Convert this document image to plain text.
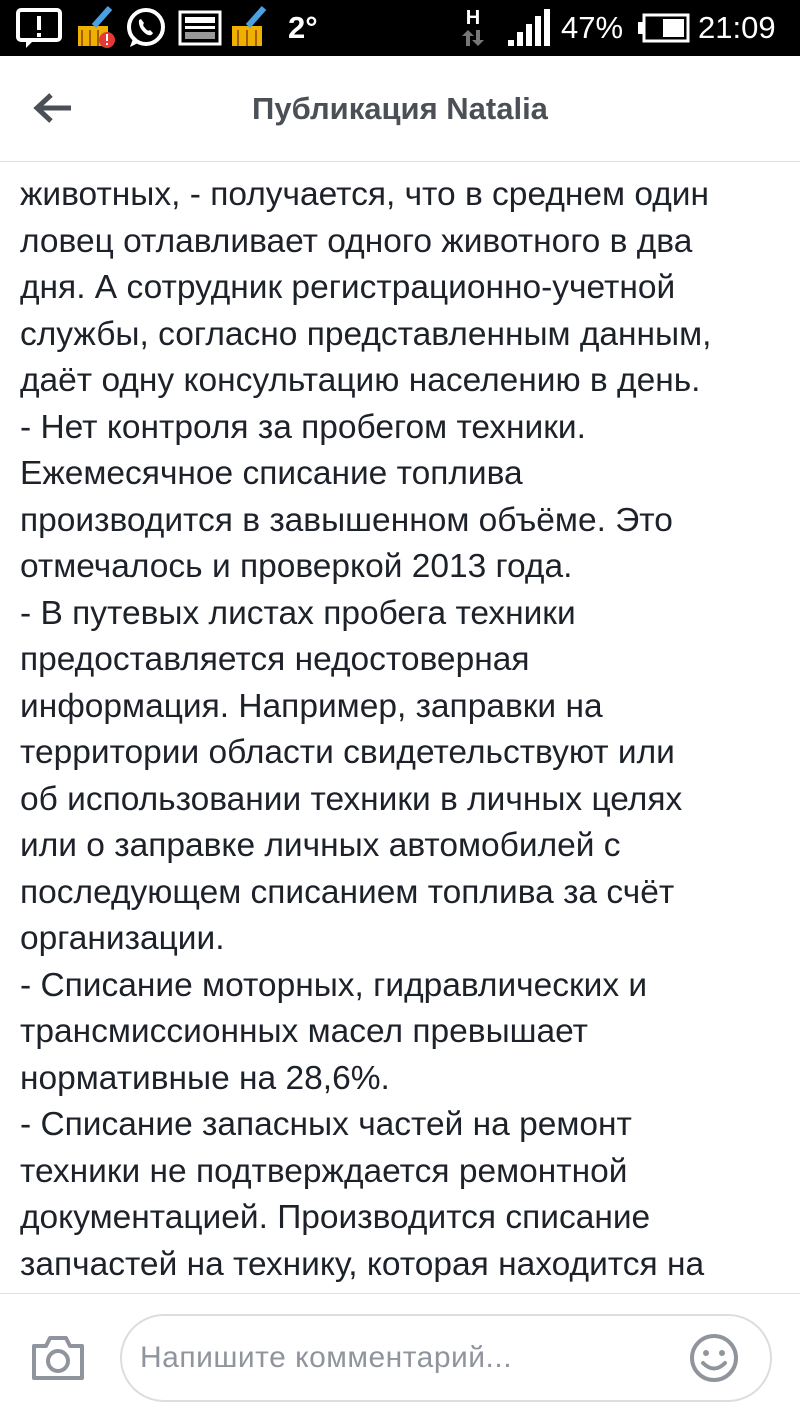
2°	H	47% 21:09
Публикация Natalia
животных, - получается, что в среднем один
ловец отлавливает одного животного в два
дня. А сотрудник регистрационно-учетной
службы, согласно представленным данным,
даёт одну консультацию населению в день.
- Нет контроля за пробегом техники.
Ежемесячное списание топлива
производится в завышенном объёме. Это
отмечалось и проверкой 2013 года.
- В путевых листах пробега техники
предоставляется недостоверная
информация. Например, заправки на
территории области свидетельствуют или
об использовании техники в личных целях
или о заправке личных автомобилей с
последующем списанием топлива за счёт
организации.
- Списание моторных, гидравлических и
трансмиссионных масел превышает
нормативные на 28,6%.
- Списание запасных частей на ремонт
техники не подтверждается ремонтной
документацией. Производится списание
запчастей на технику, которая находится на
Напишите комментарий...
